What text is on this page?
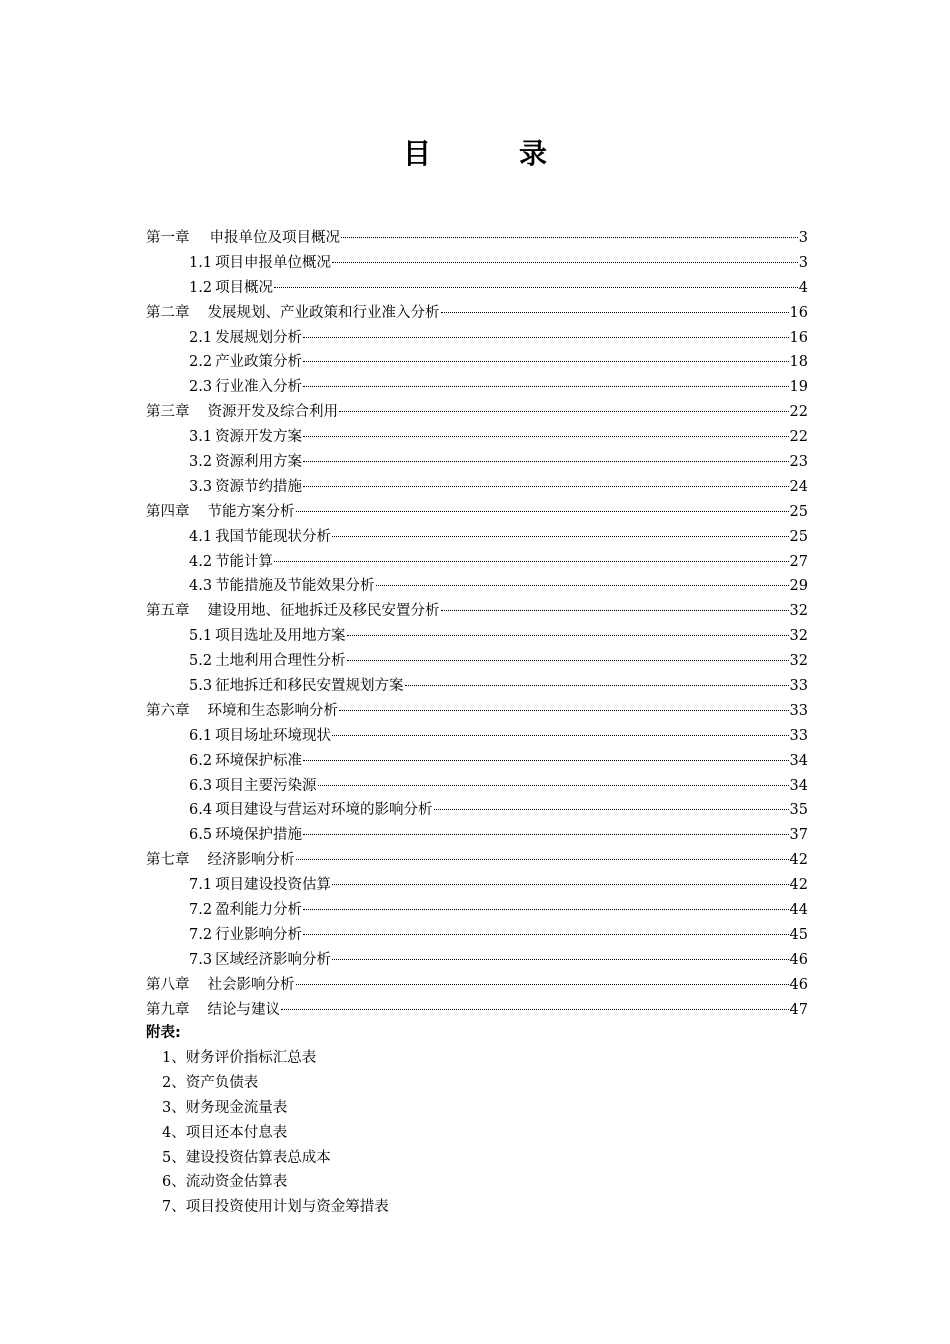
目　录
第一章 申报单位及项目概况	3
1.1 项目申报单位概况	3
1.2 项目概况	4
第二章 发展规划、产业政策和行业准入分析	16
2.1 发展规划分析	16
2.2 产业政策分析	18
2.3 行业准入分析	19
第三章 资源开发及综合利用	22
3.1 资源开发方案	22
3.2 资源利用方案	23
3.3 资源节约措施	24
第四章 节能方案分析	25
4.1 我国节能现状分析	25
4.2 节能计算	27
4.3 节能措施及节能效果分析	29
第五章 建设用地、征地拆迁及移民安置分析	32
5.1 项目选址及用地方案	32
5.2 土地利用合理性分析	32
5.3 征地拆迁和移民安置规划方案	33
第六章 环境和生态影响分析	33
6.1 项目场址环境现状	33
6.2 环境保护标准	34
6.3 项目主要污染源	34
6.4 项目建设与营运对环境的影响分析	35
6.5 环境保护措施	37
第七章 经济影响分析	42
7.1 项目建设投资估算	42
7.2 盈利能力分析	44
7.2 行业影响分析	45
7.3 区域经济影响分析	46
第八章 社会影响分析	46
第九章 结论与建议	47
附表:
1、财务评价指标汇总表
2、资产负债表
3、财务现金流量表
4、项目还本付息表
5、建设投资估算表总成本
6、流动资金估算表
7、项目投资使用计划与资金筹措表
